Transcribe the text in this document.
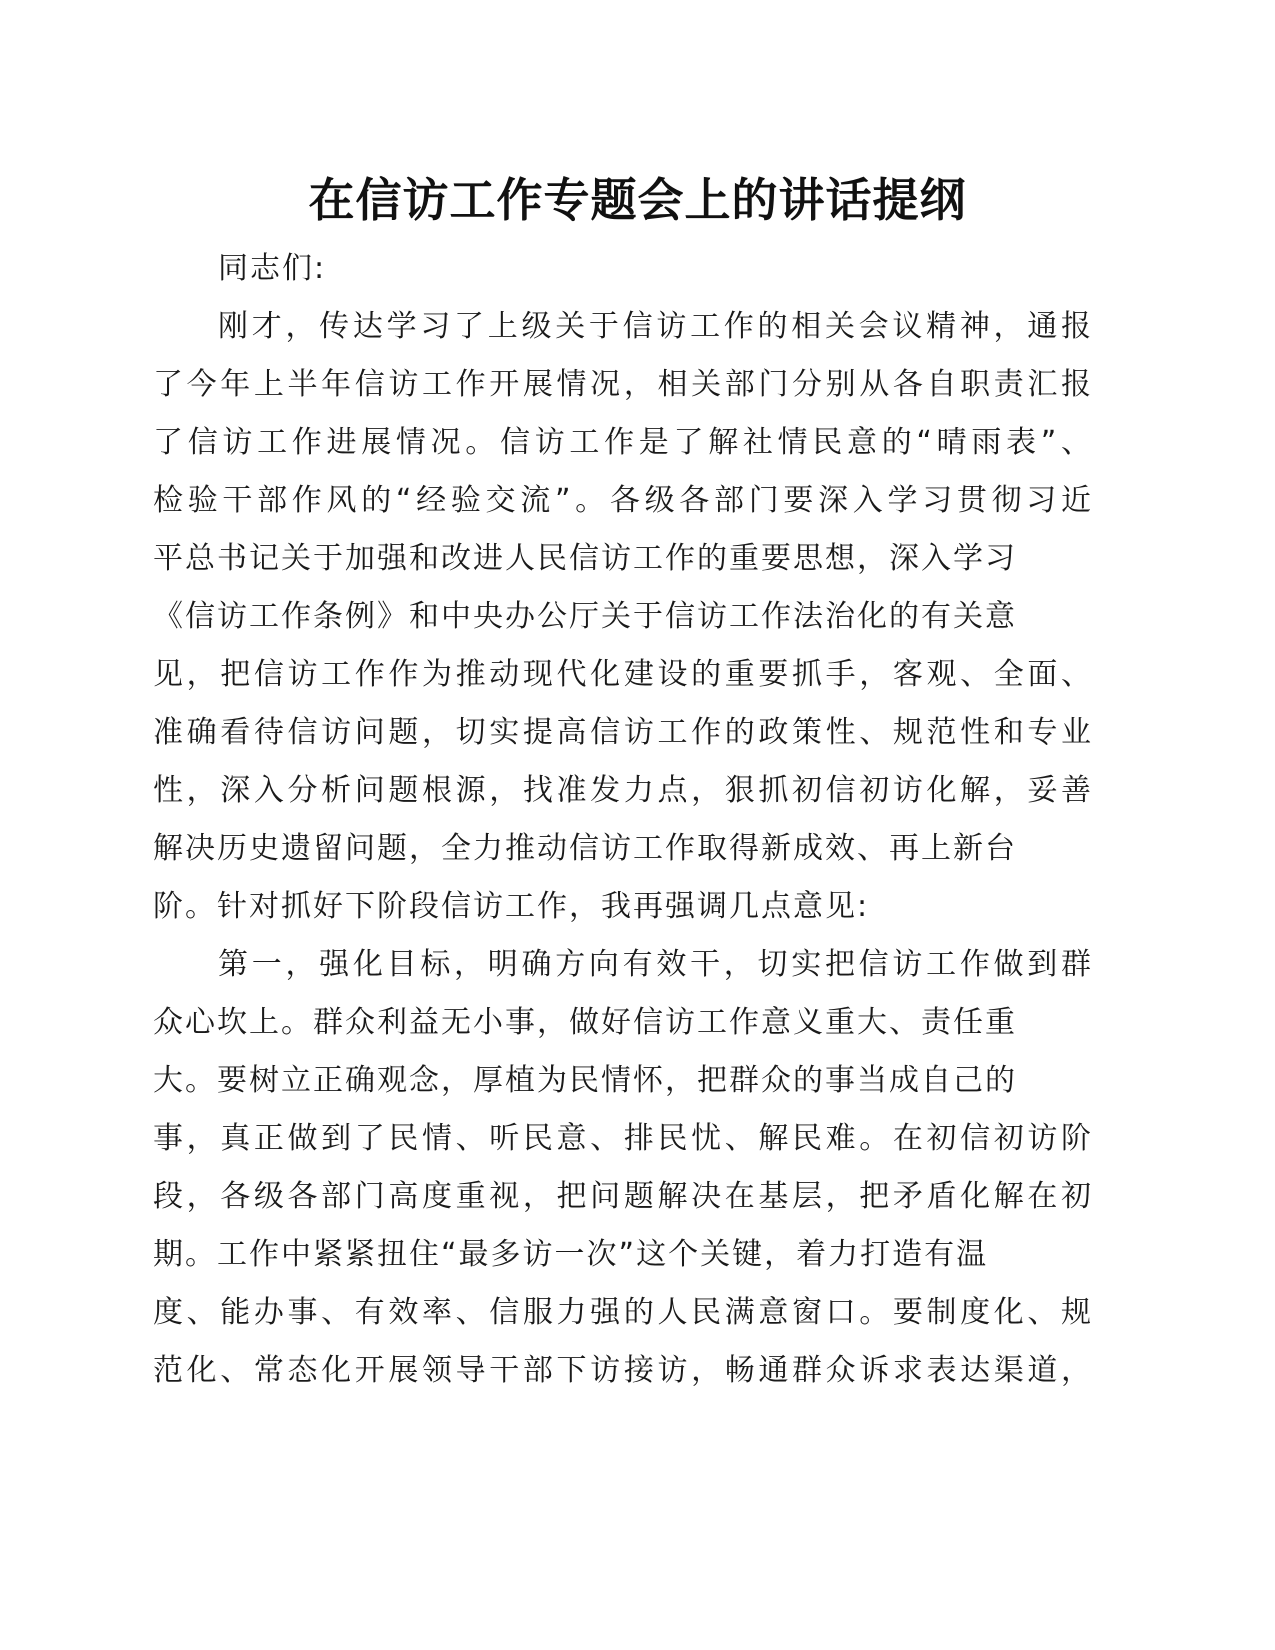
在信访工作专题会上的讲话提纲
同志们:
刚才，传达学习了上级关于信访工作的相关会议精神，通报
了今年上半年信访工作开展情况，相关部门分别从各自职责汇报
了信访工作进展情况。信访工作是了解社情民意的“晴雨表”、
检验干部作风的“经验交流”。各级各部门要深入学习贯彻习近
平总书记关于加强和改进人民信访工作的重要思想，深入学习
《信访工作条例》和中央办公厅关于信访工作法治化的有关意
见，把信访工作作为推动现代化建设的重要抓手，客观、全面、
准确看待信访问题，切实提高信访工作的政策性、规范性和专业
性，深入分析问题根源，找准发力点，狠抓初信初访化解，妥善
解决历史遗留问题，全力推动信访工作取得新成效、再上新台
阶。针对抓好下阶段信访工作，我再强调几点意见:
第一，强化目标，明确方向有效干，切实把信访工作做到群
众心坎上。群众利益无小事，做好信访工作意义重大、责任重
大。要树立正确观念，厚植为民情怀，把群众的事当成自己的
事，真正做到了民情、听民意、排民忧、解民难。在初信初访阶
段，各级各部门高度重视，把问题解决在基层，把矛盾化解在初
期。工作中紧紧扭住“最多访一次”这个关键，着力打造有温
度、能办事、有效率、信服力强的人民满意窗口。要制度化、规
范化、常态化开展领导干部下访接访，畅通群众诉求表达渠道，
